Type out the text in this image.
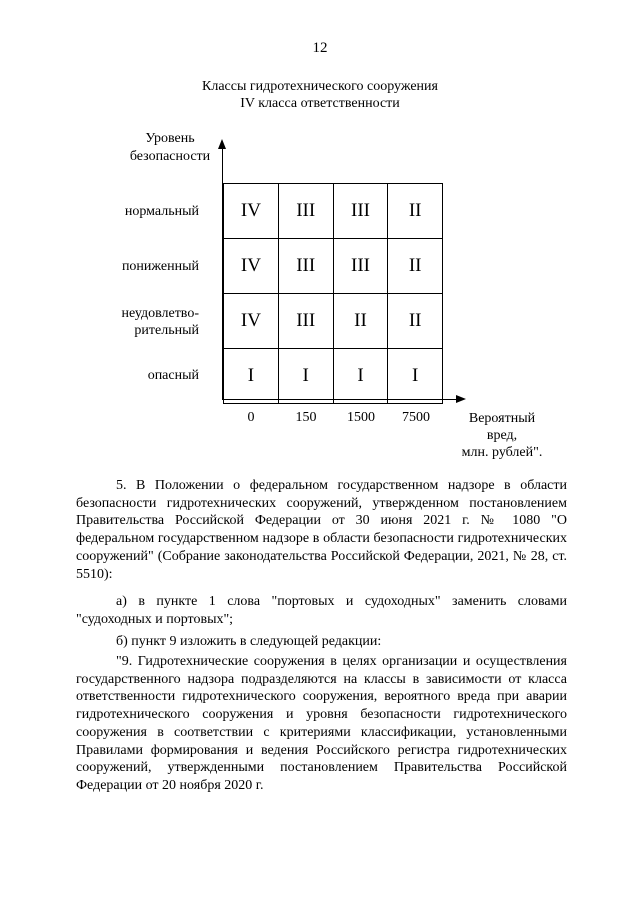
12
Классы гидротехнического сооружения
IV класса ответственности
Уровень
безопасности
нормальный
пониженный
неудовлетво-
рительный
опасный
IV	III	III	II
IV	III	III	II
IV	III	II	II
I	I	I	I
0	150	1500	7500	Вероятный
вред,
млн. рублей".

5. В Положении о федеральном государственном надзоре в области безопасности гидротехнических сооружений, утвержденном постановлением Правительства Российской Федерации от 30 июня 2021 г. № 1080 "О федеральном государственном надзоре в области безопасности гидротехнических сооружений" (Собрание законодательства Российской Федерации, 2021, № 28, ст. 5510):

а) в пункте 1 слова "портовых и судоходных" заменить словами "судоходных и портовых";

б) пункт 9 изложить в следующей редакции:

"9. Гидротехнические сооружения в целях организации и осуществления государственного надзора подразделяются на классы в зависимости от класса ответственности гидротехнического сооружения, вероятного вреда при аварии гидротехнического сооружения и уровня безопасности гидротехнического сооружения в соответствии с критериями классификации, установленными Правилами формирования и ведения Российского регистра гидротехнических сооружений, утвержденными постановлением Правительства Российской Федерации от 20 ноября 2020 г.
